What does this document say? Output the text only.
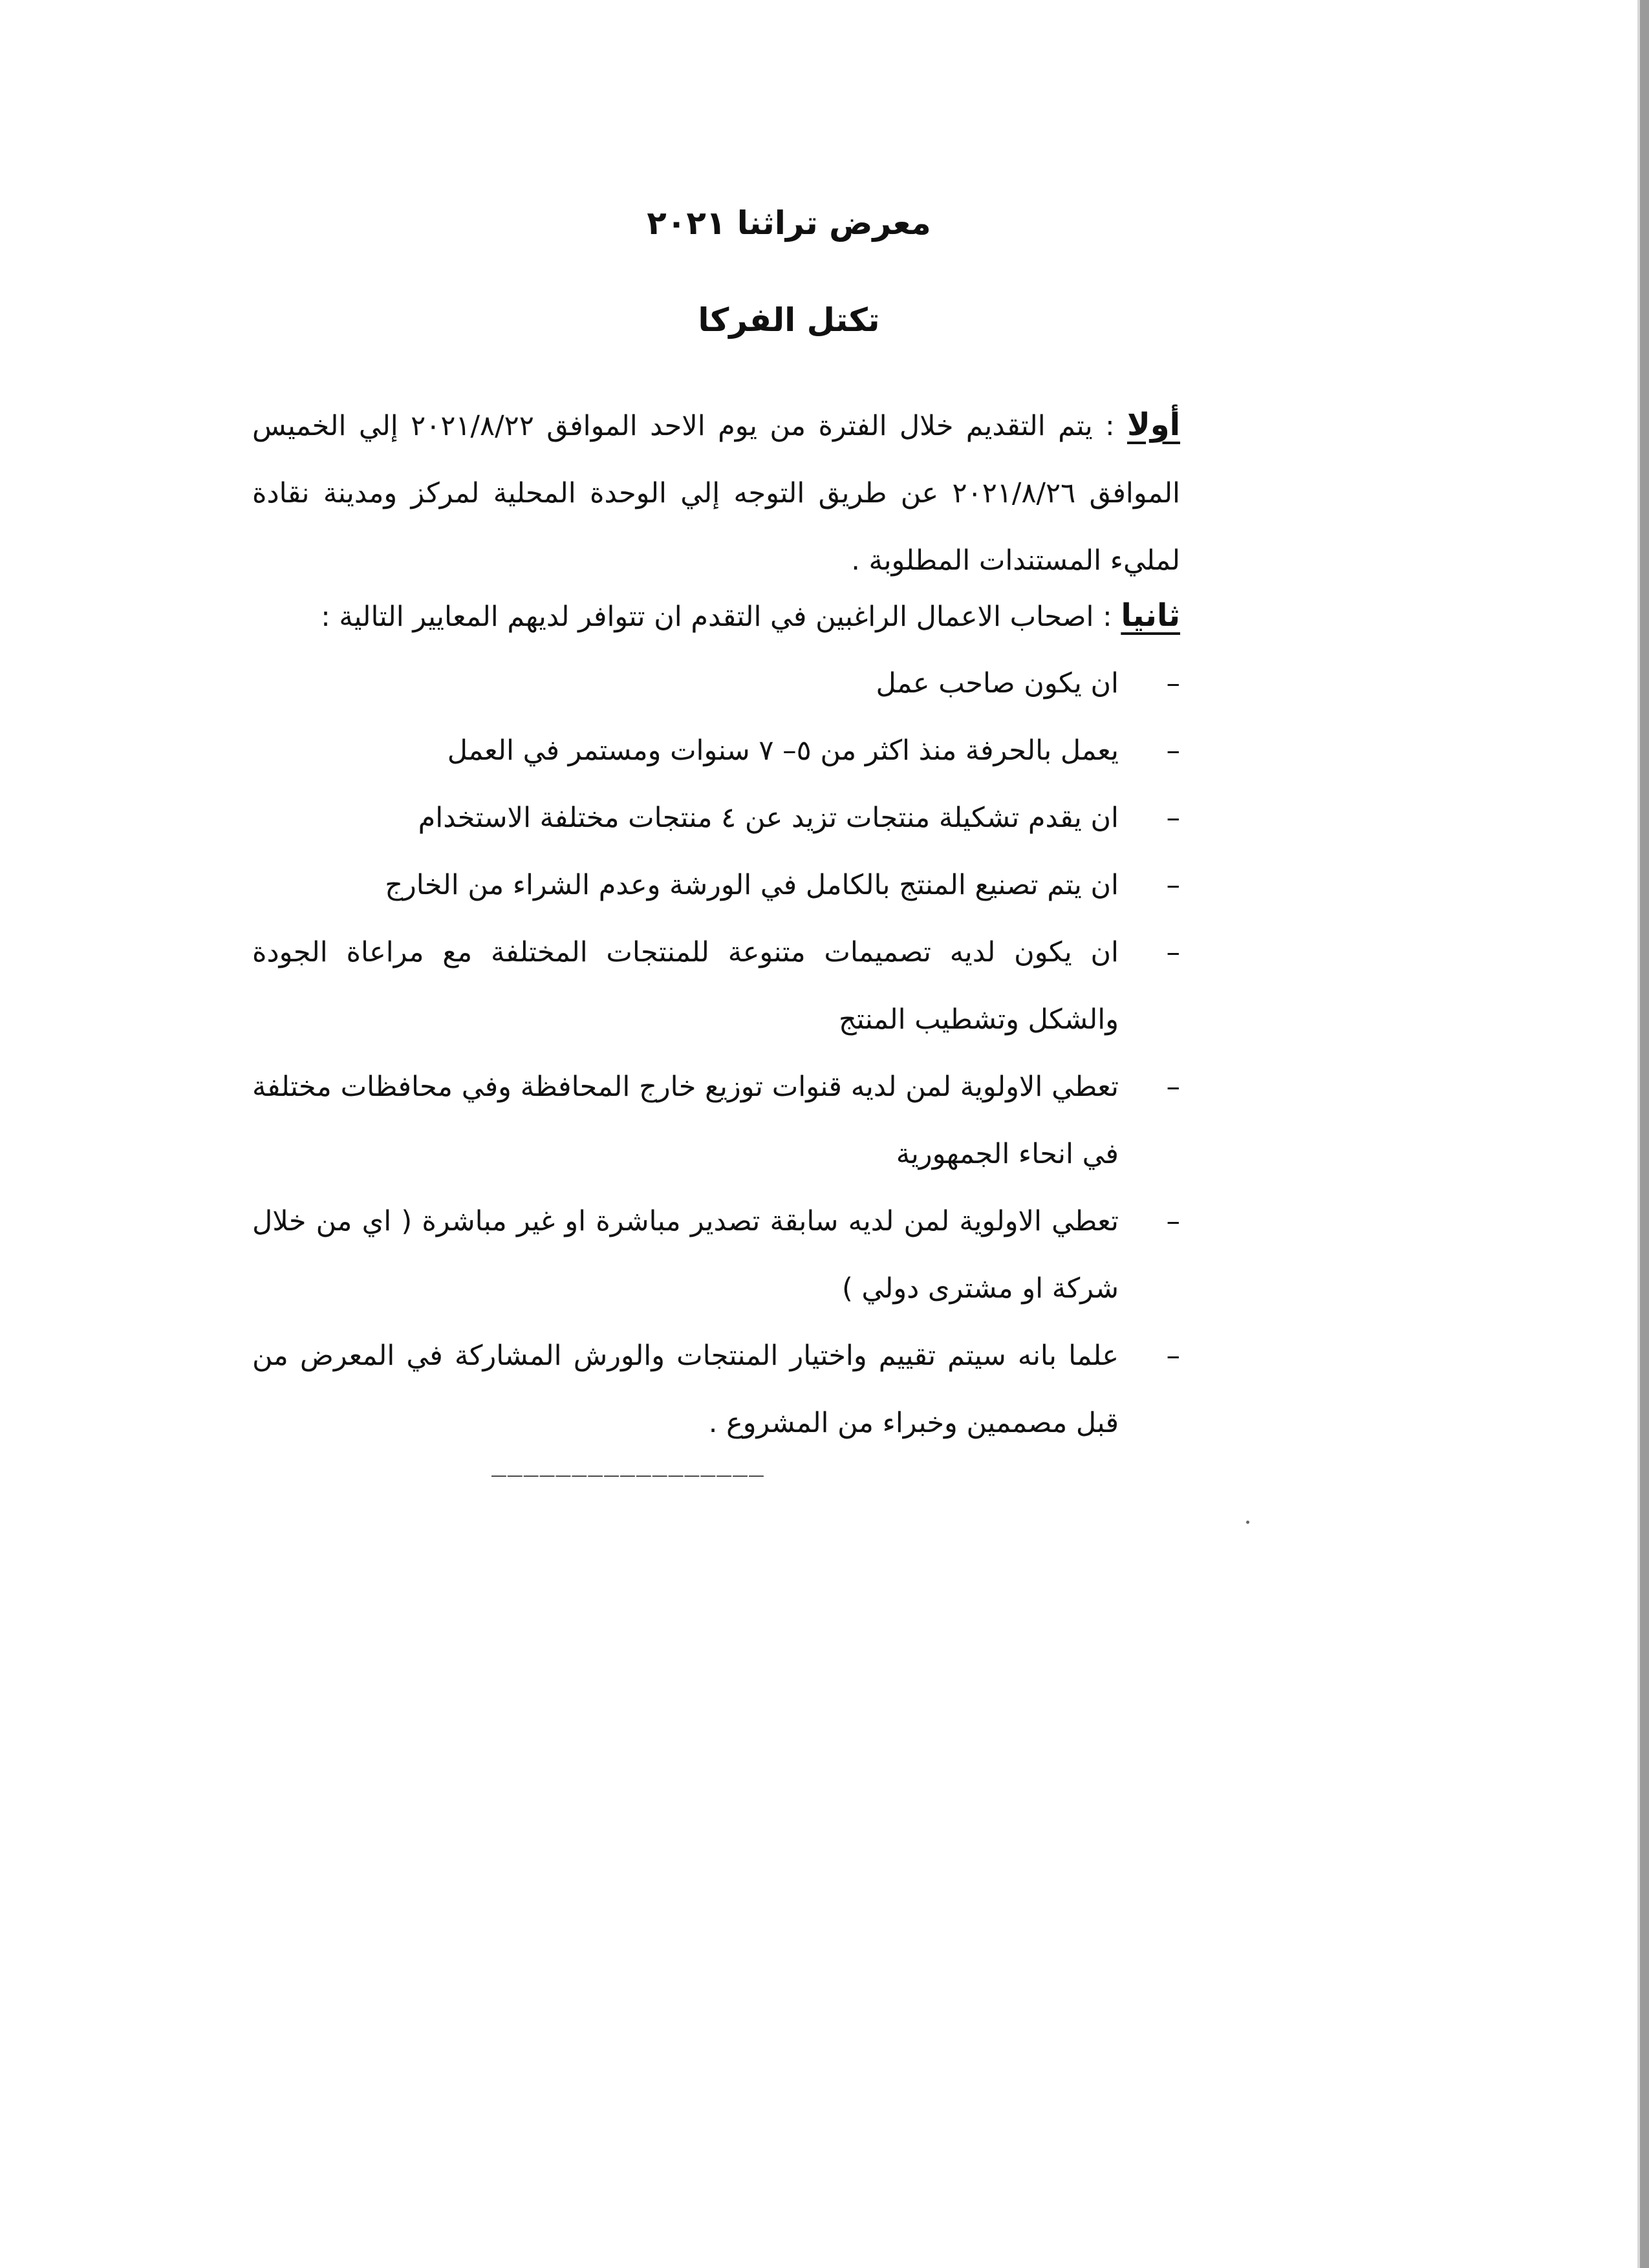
معرض تراثنا ٢٠٢١
تكتل الفركا

أولا : يتم التقديم خلال الفترة من يوم الاحد الموافق ٢٠٢١/٨/٢٢ إلي الخميس الموافق ٢٠٢١/٨/٢٦ عن طريق التوجه إلي الوحدة المحلية لمركز ومدينة نقادة لمليء المستندات المطلوبة .

ثانيا : اصحاب الاعمال الراغبين في التقدم ان تتوافر لديهم المعايير التالية :

– ان يكون صاحب عمل
– يعمل بالحرفة منذ اكثر من ٥– ٧ سنوات ومستمر في العمل
– ان يقدم تشكيلة منتجات تزيد عن ٤ منتجات مختلفة الاستخدام
– ان يتم تصنيع المنتج بالكامل في الورشة وعدم الشراء من الخارج
– ان يكون لديه تصميمات متنوعة للمنتجات المختلفة مع مراعاة الجودة والشكل وتشطيب المنتج
– تعطي الاولوية لمن لديه قنوات توزيع خارج المحافظة وفي محافظات مختلفة في انحاء الجمهورية
– تعطي الاولوية لمن لديه سابقة تصدير مباشرة او غير مباشرة ( اي من خلال شركة او مشترى دولي )
– علما بانه سيتم تقييم واختيار المنتجات والورش المشاركة في المعرض من قبل مصممين وخبراء من المشروع .
_________________
